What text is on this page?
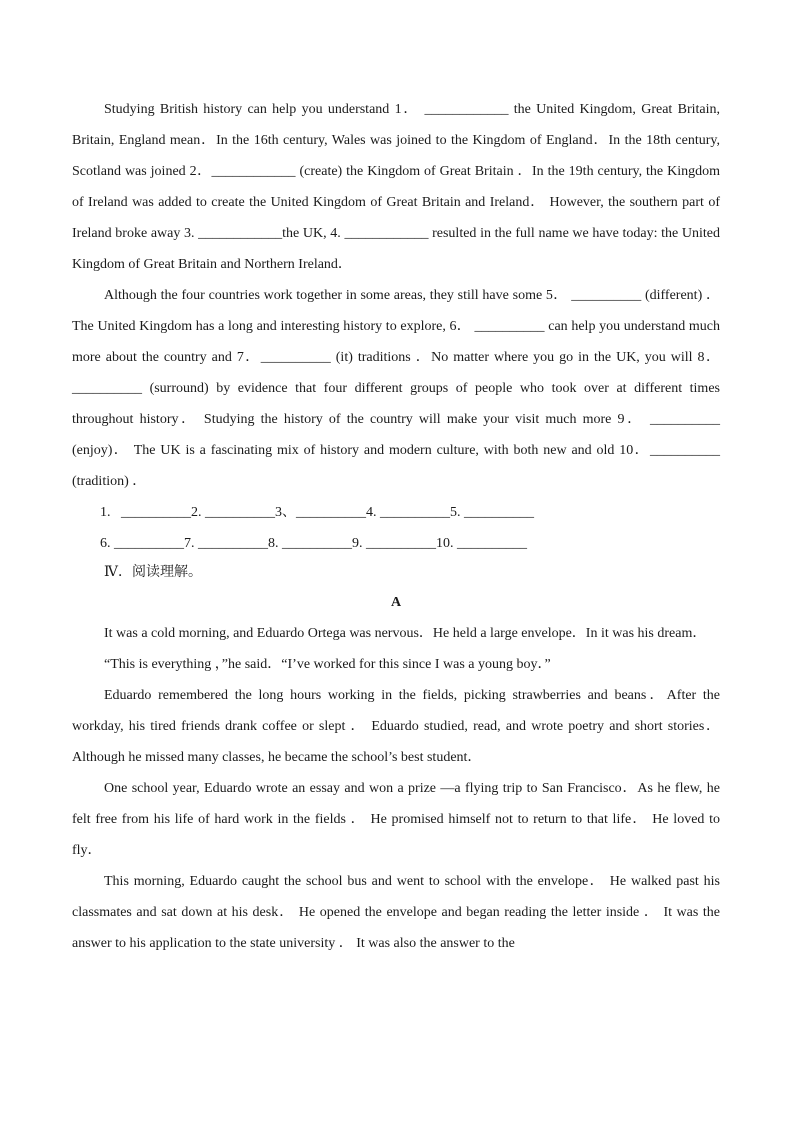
Studying British history can help you understand 1． ____________ the United Kingdom, Great Britain, Britain, England mean．In the 16th century, Wales was joined to the Kingdom of England．In the 18th century, Scotland was joined 2．____________ (create) the Kingdom of Great Britain ．In the 19th century, the Kingdom of Ireland was added to create the United Kingdom of Great Britain and Ireland． However, the southern part of Ireland broke away 3. ____________the UK, 4. ____________ resulted in the full name we have today: the United Kingdom of Great Britain and Northern Ireland．

Although the four countries work together in some areas, they still have some 5． __________ (different) ． The United Kingdom has a long and interesting history to explore, 6． __________ can help you understand much more about the country and 7．__________ (it) traditions ．No matter where you go in the UK, you will 8．__________ (surround) by evidence that four different groups of people who took over at different times throughout history． Studying the history of the country will make your visit much more 9． __________ (enjoy)． The UK is a fascinating mix of history and modern culture, with both new and old 10．__________ (tradition) ．

1.   __________2. __________3、__________4. __________5. __________

6. __________7. __________8. __________9. __________10. __________

Ⅳ．阅读理解。

A

It was a cold morning, and Eduardo Ortega was nervous．He held a large envelope．In it was his dream．

“This is everything ，”he said．“I’ve worked for this since I was a young boy．”

Eduardo remembered the long hours working in the fields, picking strawberries and beans．After the workday, his tired friends drank coffee or slept ． Eduardo studied, read, and wrote poetry and short stories． Although he missed many classes, he became the school’s best student．

One school year, Eduardo wrote an essay and won a prize —a flying trip to San Francisco．As he flew, he felt free from his life of hard work in the fields ． He promised himself not to return to that life． He loved to fly．

This morning, Eduardo caught the school bus and went to school with the envelope． He walked past his classmates and sat down at his desk． He opened the envelope and began reading the letter inside ． It was the answer to his application to the state university ． It was also the answer to the
